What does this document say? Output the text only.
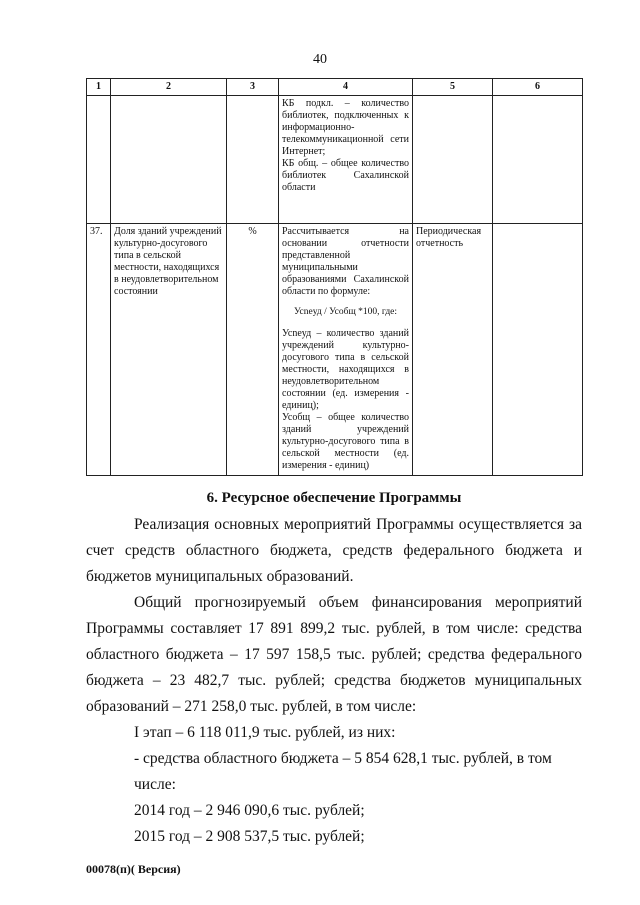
40
1	2	3	4	5	6

			КБ подкл. – количество библиотек, подключенных к информационно-телекоммуникационной сети Интернет;

КБ общ. – общее количество библиотек Сахалинской области		

37.	Доля зданий учреждений культурно-досугового типа в сельской местности, находящихся в неудовлетворительном состоянии	%	Рассчитывается на основании отчетности представленной муниципальными образованиями Сахалинской области по формуле:

Усneуд / Усобщ *100, где:

Усneуд – количество зданий учреждений культурно-досугового типа в сельской местности, находящихся в неудовлетворительном состоянии (ед. измерения - единиц);

Усобщ – общее количество зданий учреждений культурно-досугового типа в сельской местности (ед. измерения - единиц)	Периодическая отчетность	
6. Ресурсное обеспечение Программы

Реализация основных мероприятий Программы осуществляется за счет средств областного бюджета, средств федерального бюджета и бюджетов муниципальных образований.

Общий прогнозируемый объем финансирования мероприятий Программы составляет 17 891 899,2 тыс. рублей, в том числе: средства областного бюджета – 17 597 158,5 тыс. рублей; средства федерального бюджета – 23 482,7 тыс. рублей; средства бюджетов муниципальных образований – 271 258,0 тыс. рублей, в том числе:

I этап – 6 118 011,9 тыс. рублей, из них:

- средства областного бюджета – 5 854 628,1 тыс. рублей, в том числе:

2014 год – 2 946 090,6 тыс. рублей;

2015 год – 2 908 537,5 тыс. рублей;

00078(п)( Версия)
